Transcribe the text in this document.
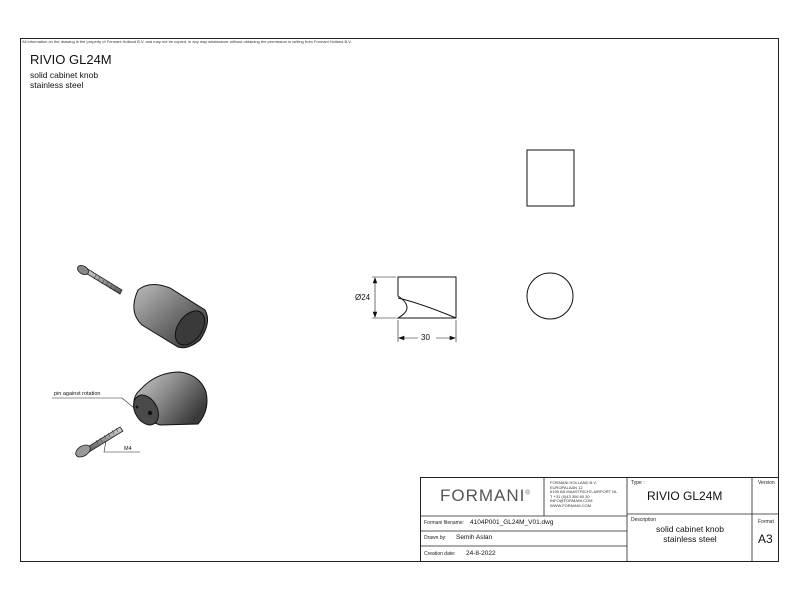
All information on the drawing is the property of Formani Holland B.V. and may not be copied, in any way whatsoever without obtaining the permission in writing from Formani Holland B.V.
RIVIO GL24M
solid cabinet knob
stainless steel
pin against rotation
M4
Ø24
30
FORMANI®
FORMANI HOLLAND B.V.
EUROPALAAN 12
6199 AB MAASTRICHT-AIRPORT NL
T +31 (0)43 306 60 30
INFO@FORMANI.COM
WWW.FORMANI.COM
Formani filename: 4104P001_GL24M_V01.dwg
Drawn by: Semih Aslan
Creation date: 24-8-2022
Type :
RIVIO GL24M
Description
solid cabinet knob
stainless steel
Version
Format
A3
